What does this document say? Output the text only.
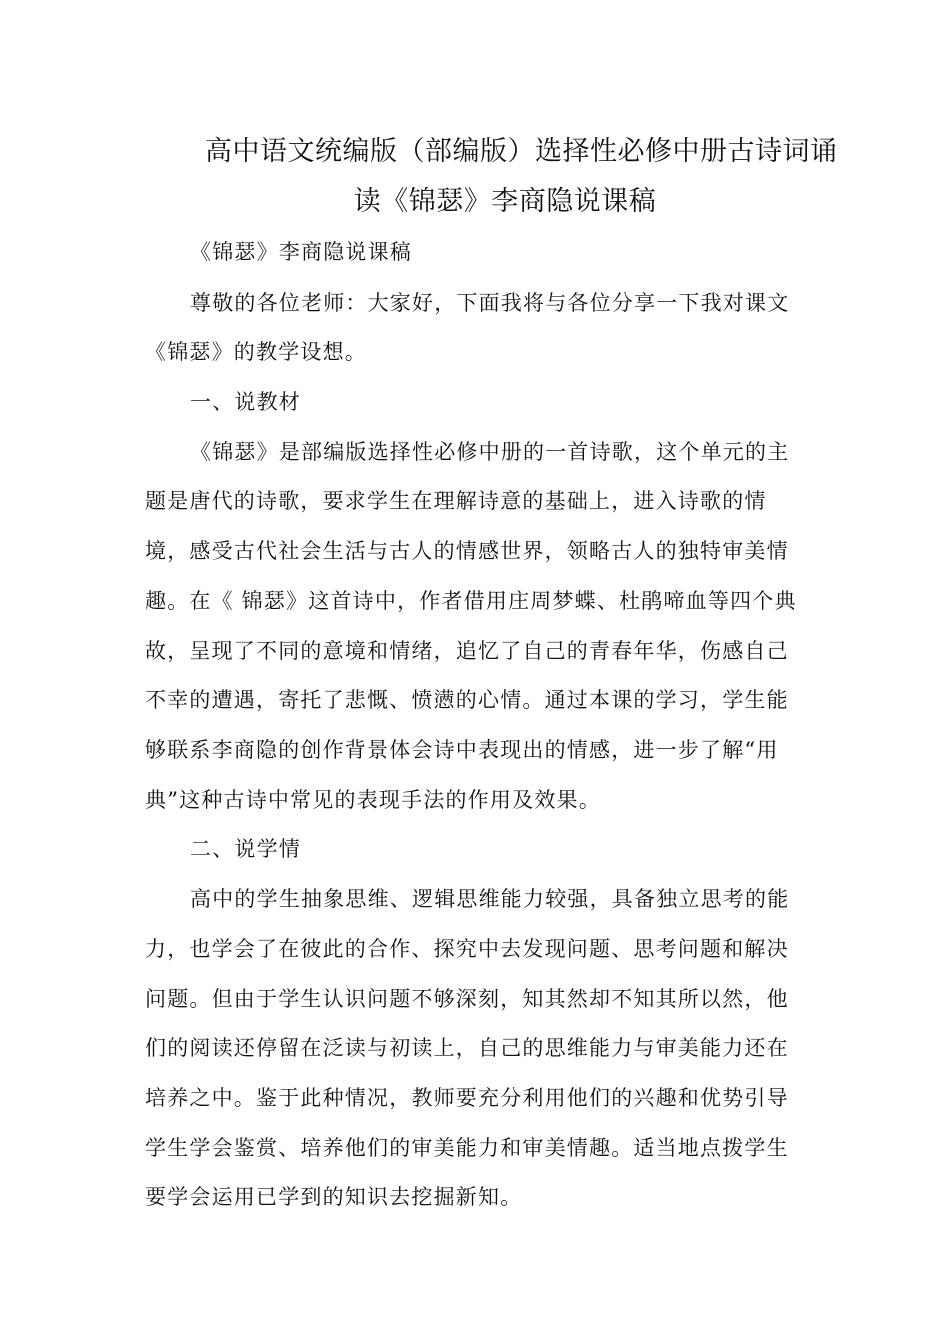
高中语文统编版（部编版）选择性必修中册古诗词诵
读《锦瑟》李商隐说课稿
《锦瑟》李商隐说课稿
尊敬的各位老师：大家好，下面我将与各位分享一下我对课文
《锦瑟》的教学设想。
一、说教材
《锦瑟》是部编版选择性必修中册的一首诗歌，这个单元的主
题是唐代的诗歌，要求学生在理解诗意的基础上，进入诗歌的情
境，感受古代社会生活与古人的情感世界，领略古人的独特审美情
趣。在《 锦瑟》这首诗中，作者借用庄周梦蝶、杜鹃啼血等四个典
故，呈现了不同的意境和情绪，追忆了自己的青春年华，伤感自己
不幸的遭遇，寄托了悲慨、愤懑的心情。通过本课的学习，学生能
够联系李商隐的创作背景体会诗中表现出的情感，进一步了解“用
典”这种古诗中常见的表现手法的作用及效果。
二、说学情
高中的学生抽象思维、逻辑思维能力较强，具备独立思考的能
力，也学会了在彼此的合作、探究中去发现问题、思考问题和解决
问题。但由于学生认识问题不够深刻，知其然却不知其所以然，他
们的阅读还停留在泛读与初读上，自己的思维能力与审美能力还在
培养之中。鉴于此种情况，教师要充分利用他们的兴趣和优势引导
学生学会鉴赏、培养他们的审美能力和审美情趣。适当地点拨学生
要学会运用已学到的知识去挖掘新知。
